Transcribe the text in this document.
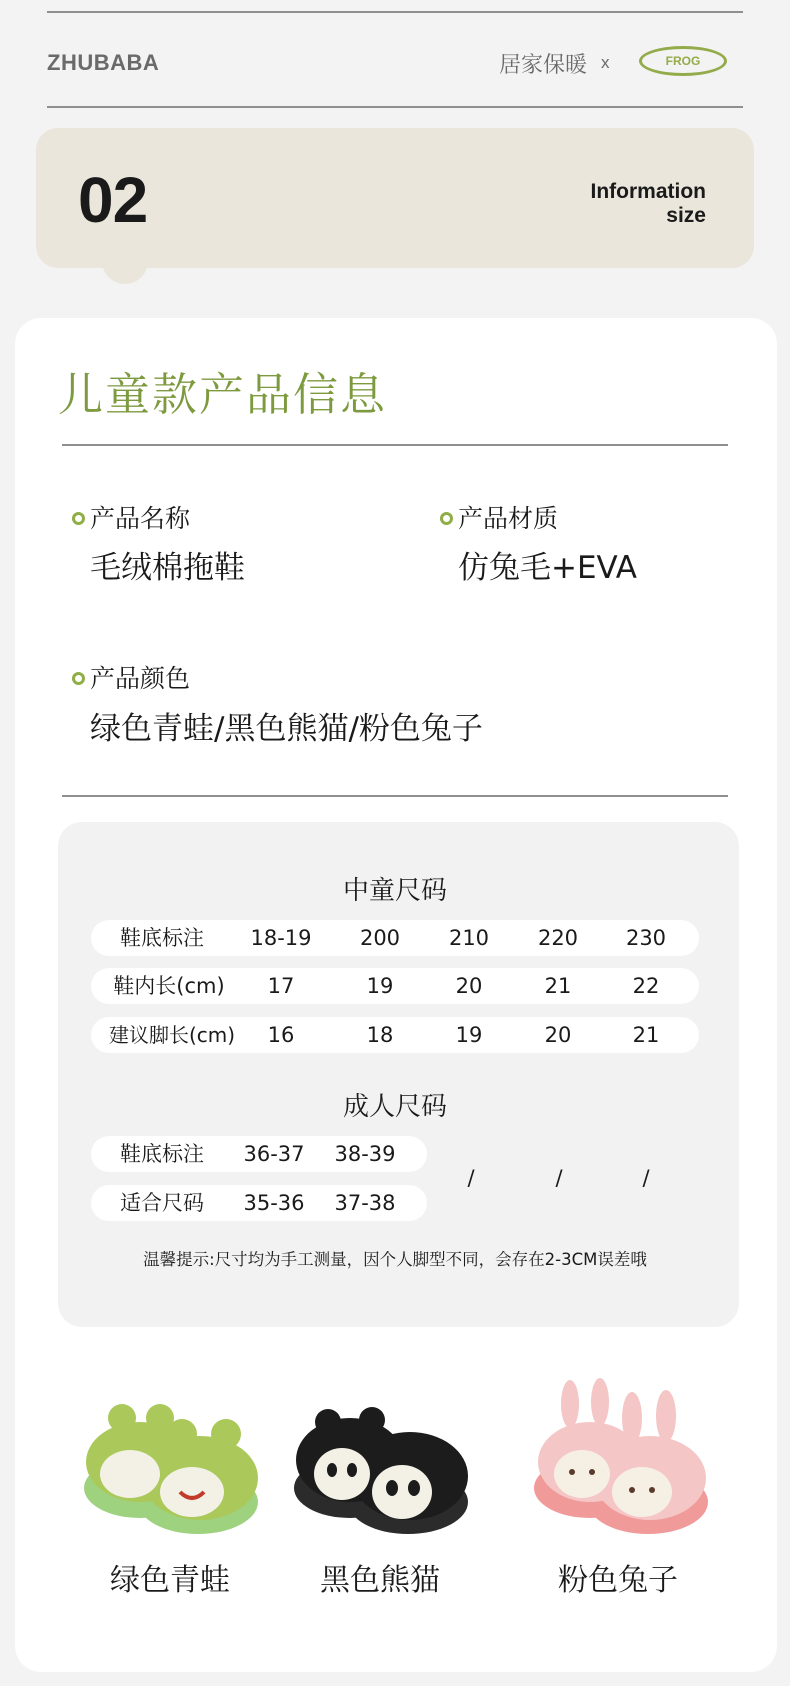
ZHUBABA	居家保暖 x	FROG
02	Information
size
儿童款产品信息
产品名称
毛绒棉拖鞋
产品材质
仿兔毛+EVA
产品颜色
绿色青蛙/黑色熊猫/粉色兔子
中童尺码
鞋底标注	18-19	200	210	220	230
鞋内长(cm)	17	19	20	21	22
建议脚长(cm)	16	18	19	20	21
成人尺码
鞋底标注	36-37	38-39
适合尺码	35-36	37-38
/	/	/
温馨提示:尺寸均为手工测量，因个人脚型不同，会存在2-3CM误差哦
绿色青蛙	黑色熊猫	粉色兔子
